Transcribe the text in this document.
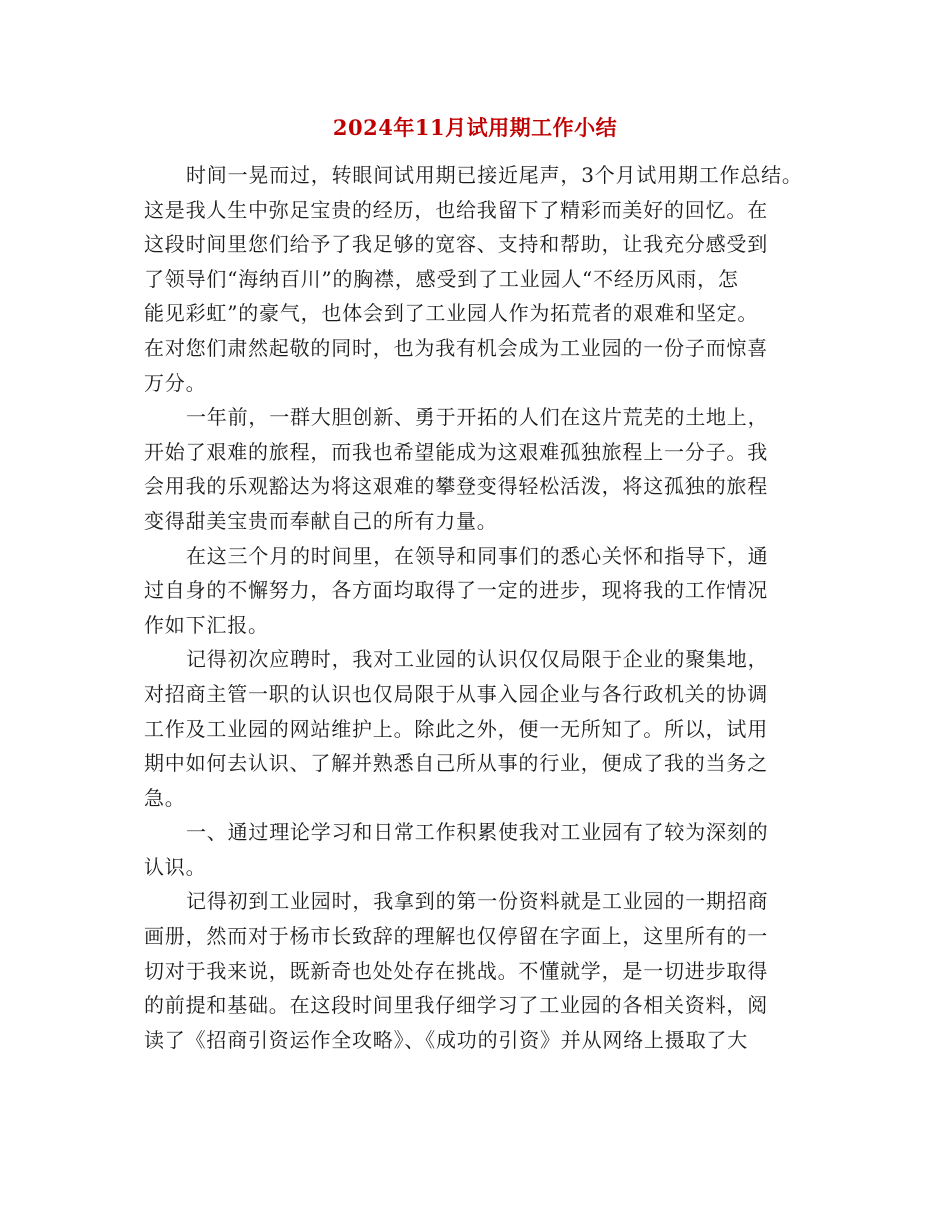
2024年11月试用期工作小结
时间一晃而过，转眼间试用期已接近尾声，3个月试用期工作总结。
这是我人生中弥足宝贵的经历，也给我留下了精彩而美好的回忆。在
这段时间里您们给予了我足够的宽容、支持和帮助，让我充分感受到
了领导们“海纳百川”的胸襟，感受到了工业园人“不经历风雨，怎
能见彩虹”的豪气，也体会到了工业园人作为拓荒者的艰难和坚定。
在对您们肃然起敬的同时，也为我有机会成为工业园的一份子而惊喜
万分。
一年前，一群大胆创新、勇于开拓的人们在这片荒芜的土地上，
开始了艰难的旅程，而我也希望能成为这艰难孤独旅程上一分子。我
会用我的乐观豁达为将这艰难的攀登变得轻松活泼，将这孤独的旅程
变得甜美宝贵而奉献自己的所有力量。
在这三个月的时间里，在领导和同事们的悉心关怀和指导下，通
过自身的不懈努力，各方面均取得了一定的进步，现将我的工作情况
作如下汇报。
记得初次应聘时，我对工业园的认识仅仅局限于企业的聚集地，
对招商主管一职的认识也仅局限于从事入园企业与各行政机关的协调
工作及工业园的网站维护上。除此之外，便一无所知了。所以，试用
期中如何去认识、了解并熟悉自己所从事的行业，便成了我的当务之
急。
一、通过理论学习和日常工作积累使我对工业园有了较为深刻的
认识。
记得初到工业园时，我拿到的第一份资料就是工业园的一期招商
画册，然而对于杨市长致辞的理解也仅停留在字面上，这里所有的一
切对于我来说，既新奇也处处存在挑战。不懂就学，是一切进步取得
的前提和基础。在这段时间里我仔细学习了工业园的各相关资料，阅
读了《招商引资运作全攻略》、《成功的引资》并从网络上摄取了大
